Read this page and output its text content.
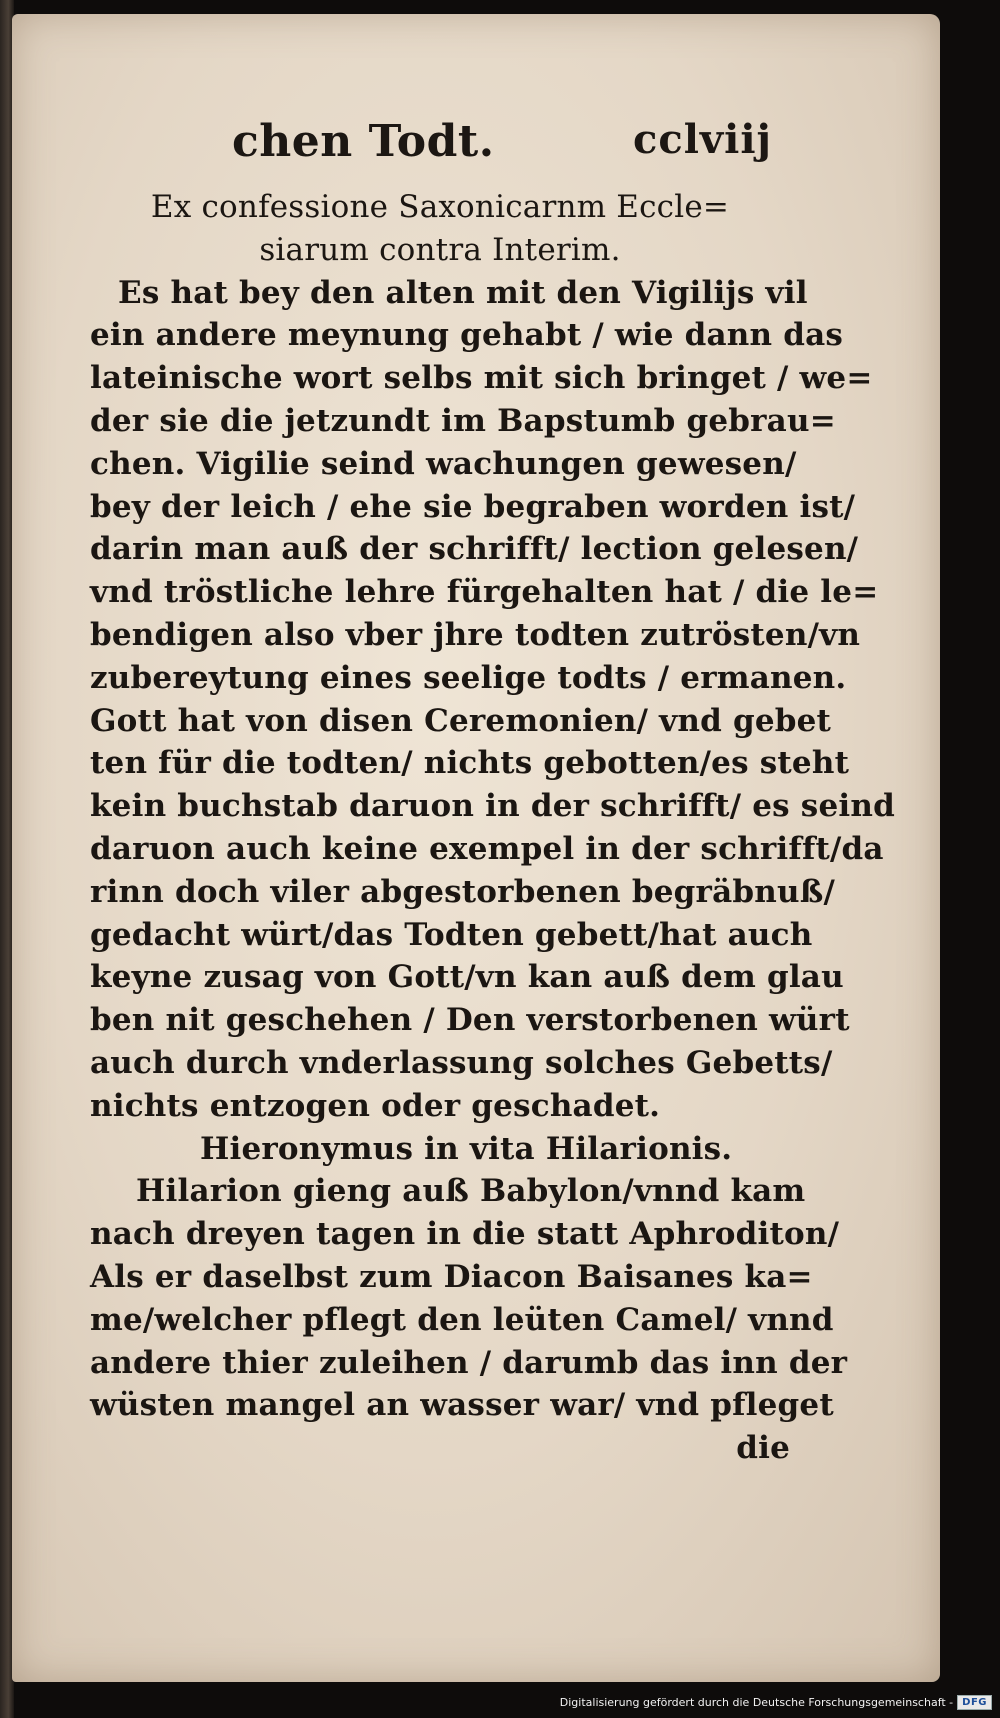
chen Todt.	cclviij
Ex confessione Saxonicarnm Eccle=
siarum contra Interim.
Es hat bey den alten mit den Vigilijs vil
ein andere meynung gehabt / wie dann das
lateinische wort selbs mit sich bringet / we=
der sie die jetzundt im Bapstumb gebrau=
chen. Vigilie seind wachungen gewesen/
bey der leich / ehe sie begraben worden ist/
darin man auß der schrifft/ lection gelesen/
vnd tröstliche lehre fürgehalten hat / die le=
bendigen also vber jhre todten zutrösten/vn
zubereytung eines seelige todts / ermanen.
Gott hat von disen Ceremonien/ vnd gebet
ten für die todten/ nichts gebotten/es steht
kein buchstab daruon in der schrifft/ es seind
daruon auch keine exempel in der schrifft/da
rinn doch viler abgestorbenen begräbnuß/
gedacht würt/das Todten gebett/hat auch
keyne zusag von Gott/vn kan auß dem glau
ben nit geschehen / Den verstorbenen würt
auch durch vnderlassung solches Gebetts/
nichts entzogen oder geschadet.
Hieronymus in vita Hilarionis.
Hilarion gieng auß Babylon/vnnd kam
nach dreyen tagen in die statt Aphroditon/
Als er daselbst zum Diacon Baisanes ka=
me/welcher pflegt den leüten Camel/ vnnd
andere thier zuleihen / darumb das inn der
wüsten mangel an wasser war/ vnd pfleget
die
Digitalisierung gefördert durch die Deutsche Forschungsgemeinschaft - DFG
